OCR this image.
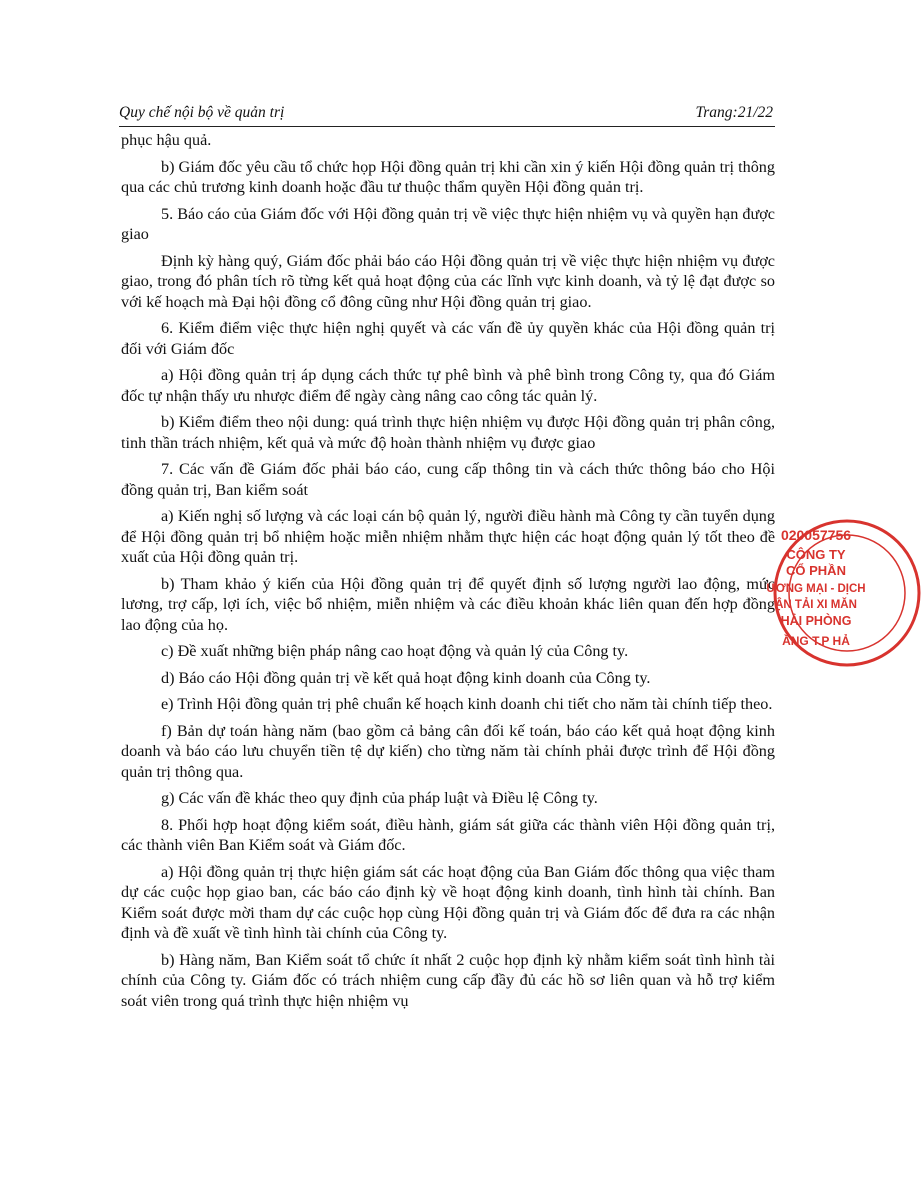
Quy chế nội bộ về quản trị	Trang:21/22

phục hậu quả.

b) Giám đốc yêu cầu tổ chức họp Hội đồng quản trị khi cần xin ý kiến Hội đồng quản trị thông qua các chủ trương kinh doanh hoặc đầu tư thuộc thẩm quyền Hội đồng quản trị.

5. Báo cáo của Giám đốc với Hội đồng quản trị về việc thực hiện nhiệm vụ và quyền hạn được giao

Định kỳ hàng quý, Giám đốc phải báo cáo Hội đồng quản trị về việc thực hiện nhiệm vụ được giao, trong đó phân tích rõ từng kết quả hoạt động của các lĩnh vực kinh doanh, và tỷ lệ đạt được so với kế hoạch mà Đại hội đồng cổ đông cũng như Hội đồng quản trị giao.

6. Kiểm điểm việc thực hiện nghị quyết và các vấn đề ủy quyền khác của Hội đồng quản trị đối với Giám đốc

a) Hội đồng quản trị áp dụng cách thức tự phê bình và phê bình trong Công ty, qua đó Giám đốc tự nhận thấy ưu nhược điểm để ngày càng nâng cao công tác quản lý.

b) Kiểm điểm theo nội dung: quá trình thực hiện nhiệm vụ được Hội đồng quản trị phân công, tinh thần trách nhiệm, kết quả và mức độ hoàn thành nhiệm vụ được giao

7. Các vấn đề Giám đốc phải báo cáo, cung cấp thông tin và cách thức thông báo cho Hội đồng quản trị, Ban kiểm soát

a) Kiến nghị số lượng và các loại cán bộ quản lý, người điều hành mà Công ty cần tuyển dụng để Hội đồng quản trị bổ nhiệm hoặc miễn nhiệm nhằm thực hiện các hoạt động quản lý tốt theo đề xuất của Hội đồng quản trị.

b) Tham khảo ý kiến của Hội đồng quản trị để quyết định số lượng người lao động, mức lương, trợ cấp, lợi ích, việc bổ nhiệm, miễn nhiệm và các điều khoản khác liên quan đến hợp đồng lao động của họ.

c) Đề xuất những biện pháp nâng cao hoạt động và quản lý của Công ty.

d) Báo cáo Hội đồng quản trị về kết quả hoạt động kinh doanh của Công ty.

e) Trình Hội đồng quản trị phê chuẩn kế hoạch kinh doanh chi tiết cho năm tài chính tiếp theo.

f) Bản dự toán hàng năm (bao gồm cả bảng cân đối kế toán, báo cáo kết quả hoạt động kinh doanh và báo cáo lưu chuyển tiền tệ dự kiến) cho từng năm tài chính phải được trình để Hội đồng quản trị thông qua.

g) Các vấn đề khác theo quy định của pháp luật và Điều lệ Công ty.

8. Phối hợp hoạt động kiểm soát, điều hành, giám sát giữa các thành viên Hội đồng quản trị, các thành viên Ban Kiểm soát và Giám đốc.

a) Hội đồng quản trị thực hiện giám sát các hoạt động của Ban Giám đốc thông qua việc tham dự các cuộc họp giao ban, các báo cáo định kỳ về hoạt động kinh doanh, tình hình tài chính. Ban Kiểm soát được mời tham dự các cuộc họp cùng Hội đồng quản trị và Giám đốc để đưa ra các nhận định và đề xuất về tình hình tài chính của Công ty.

b) Hàng năm, Ban Kiểm soát tổ chức ít nhất 2 cuộc họp định kỳ nhằm kiểm soát tình hình tài chính của Công ty. Giám đốc có trách nhiệm cung cấp đầy đủ các hồ sơ liên quan và hỗ trợ kiểm soát viên trong quá trình thực hiện nhiệm vụ

020057756
CÔNG TY
CỔ PHẦN
ƯƠNG MẠI - DỊCH
ẬN TẢI XI MĂN
HẢI PHÒNG
ĂNG T.P HẢ
